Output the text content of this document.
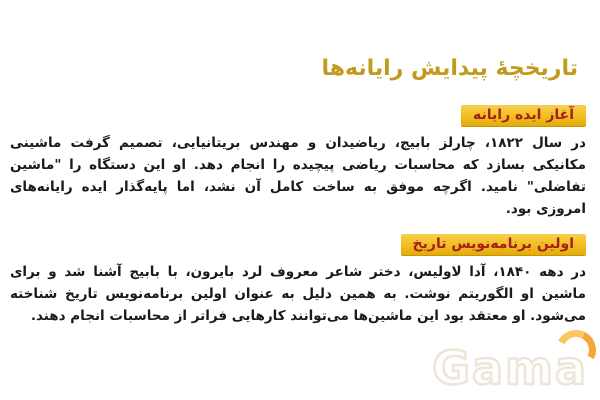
تاریخچهٔ پیدایش رایانه‌ها
آغاز ایده رایانه

در سال ۱۸۲۲، چارلز بابیج، ریاضیدان و مهندس بریتانیایی، تصمیم گرفت ماشینی مکانیکی بسازد که محاسبات ریاضی پیچیده را انجام دهد. او این دستگاه را "ماشین تفاضلی" نامید. اگرچه موفق به ساخت کامل آن نشد، اما پایه‌گذار ایده رایانه‌های امروزی بود.

اولین برنامه‌نویس تاریخ

در دهه ۱۸۴۰، آدا لاولیس، دختر شاعر معروف لرد بایرون، با بابیج آشنا شد و برای ماشین او الگوریتم نوشت. به همین دلیل به عنوان اولین برنامه‌نویس تاریخ شناخته می‌شود. او معتقد بود این ماشین‌ها می‌توانند کارهایی فراتر از محاسبات انجام دهند.

Gama
